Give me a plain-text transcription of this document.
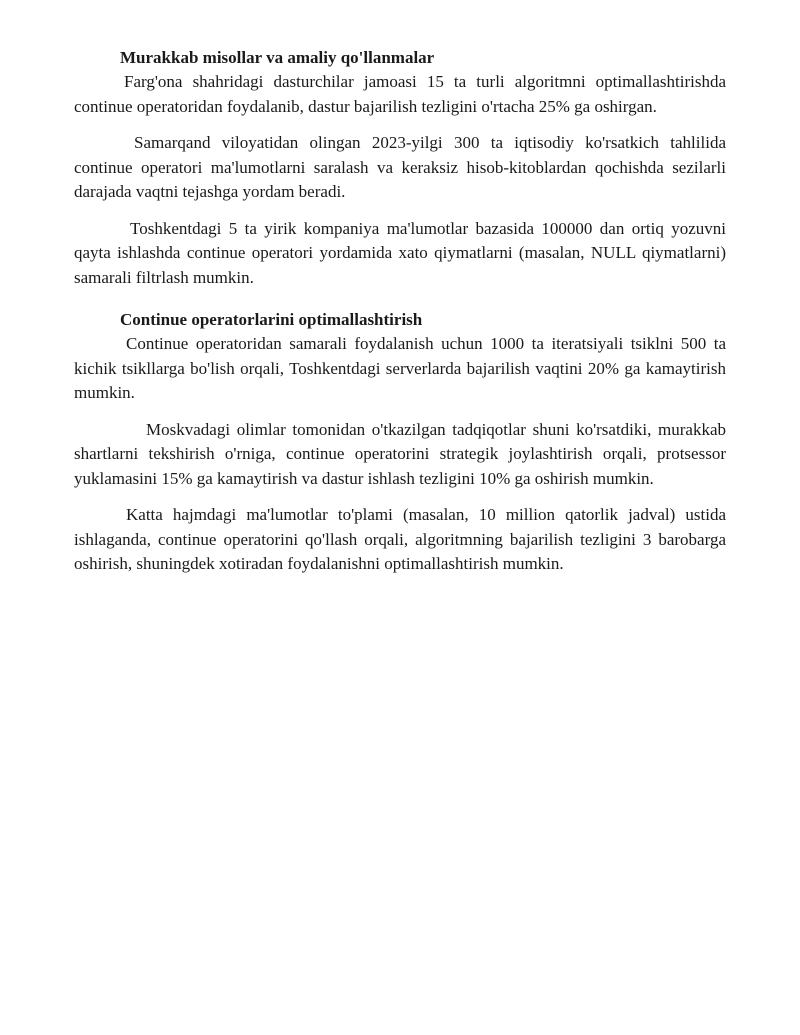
Murakkab misollar va amaliy qo'llanmalar

Farg'ona shahridagi dasturchilar jamoasi 15 ta turli algoritmni optimallashtirishda continue operatoridan foydalanib, dastur bajarilish tezligini o'rtacha 25% ga oshirgan.

Samarqand viloyatidan olingan 2023-yilgi 300 ta iqtisodiy ko'rsatkich tahlilida continue operatori ma'lumotlarni saralash va keraksiz hisob-kitoblardan qochishda sezilarli darajada vaqtni tejashga yordam beradi.

Toshkentdagi 5 ta yirik kompaniya ma'lumotlar bazasida 100000 dan ortiq yozuvni qayta ishlashda continue operatori yordamida xato qiymatlarni (masalan, NULL qiymatlarni) samarali filtrlash mumkin.

Continue operatorlarini optimallashtirish

Continue operatoridan samarali foydalanish uchun 1000 ta iteratsiyali tsiklni 500 ta kichik tsikllarga bo'lish orqali, Toshkentdagi serverlarda bajarilish vaqtini 20% ga kamaytirish mumkin.

Moskvadagi olimlar tomonidan o'tkazilgan tadqiqotlar shuni ko'rsatdiki, murakkab shartlarni tekshirish o'rniga, continue operatorini strategik joylashtirish orqali, protsessor yuklamasini 15% ga kamaytirish va dastur ishlash tezligini 10% ga oshirish mumkin.

Katta hajmdagi ma'lumotlar to'plami (masalan, 10 million qatorlik jadval) ustida ishlaganda, continue operatorini qo'llash orqali, algoritmning bajarilish tezligini 3 barobarga oshirish, shuningdek xotiradan foydalanishni optimallashtirish mumkin.
